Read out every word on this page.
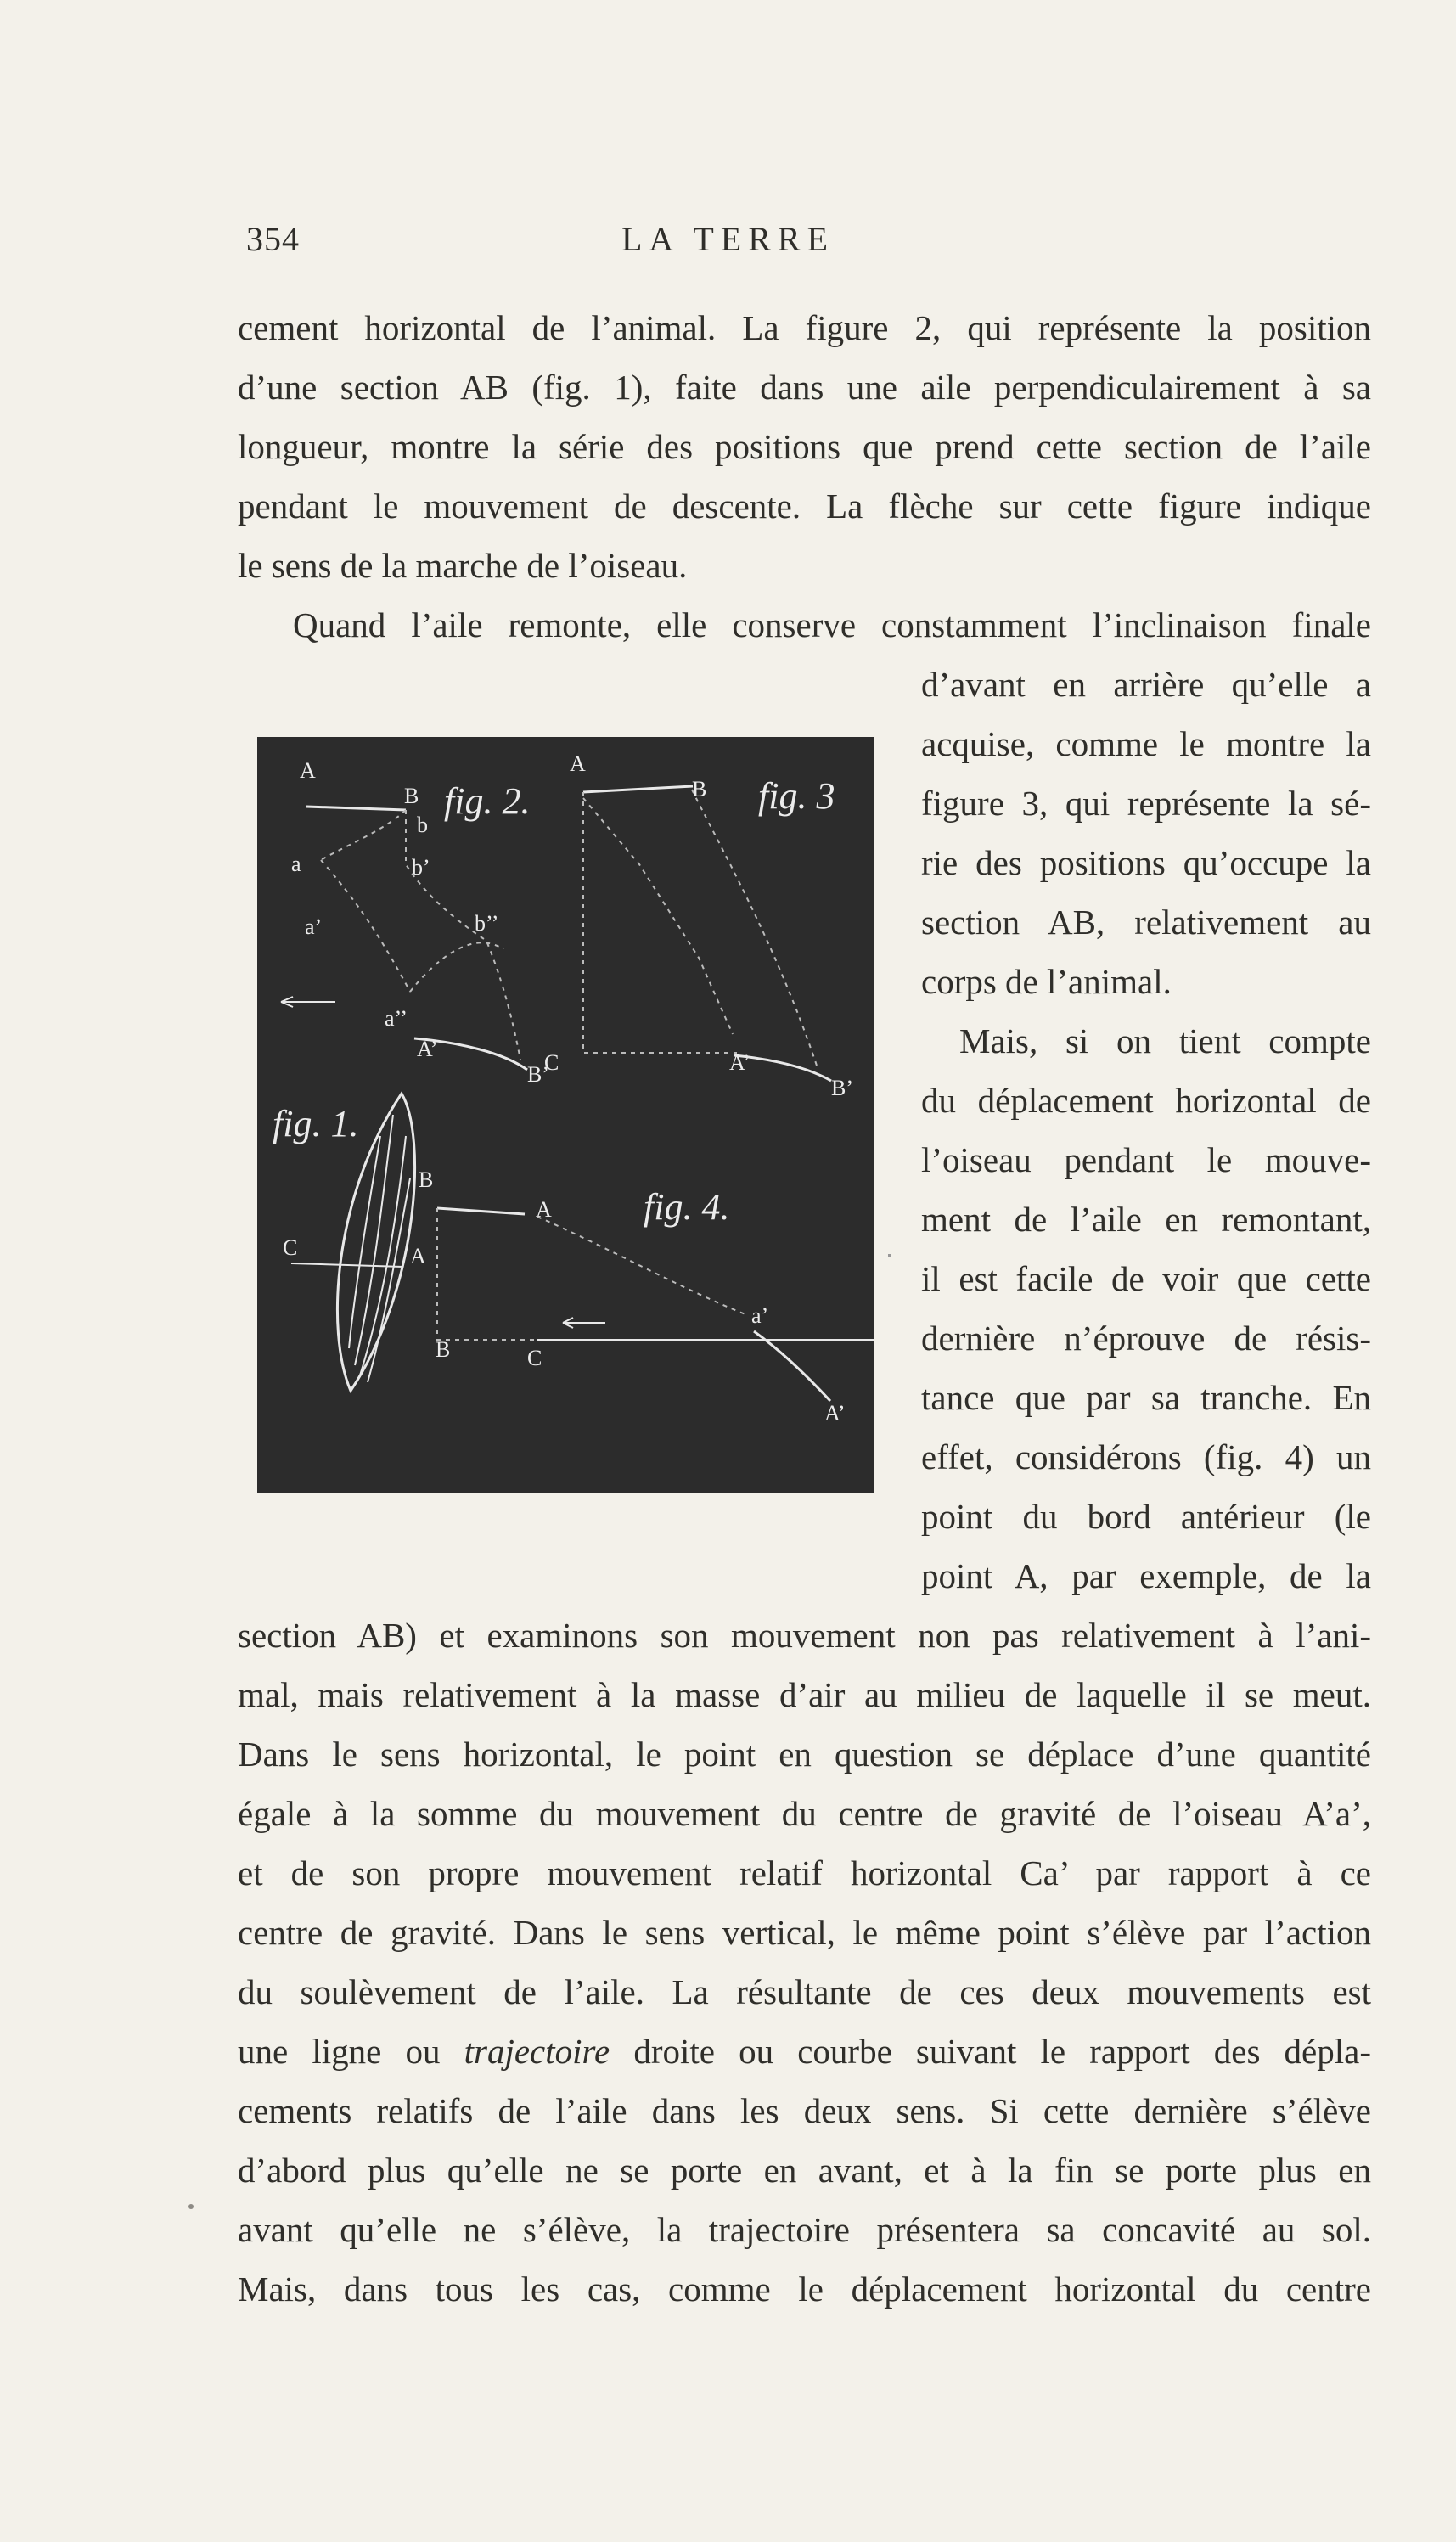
354	LA TERRE
cement horizontal de l’animal. La figure 2, qui représente la position
d’une section AB (fig. 1), faite dans une aile perpendiculairement à sa
longueur, montre la série des positions que prend cette section de l’aile
pendant le mouvement de descente. La flèche sur cette figure indique
le sens de la marche de l’oiseau.
Quand l’aile remonte, elle conserve constamment l’inclinaison finale
d’avant en arrière qu’elle a
acquise, comme le montre la
figure 3, qui représente la sé-
rie des positions qu’occupe la
section AB, relativement au
corps de l’animal.
Mais, si on tient compte
du déplacement horizontal de
l’oiseau pendant le mouve-
ment de l’aile en remontant,
il est facile de voir que cette
dernière n’éprouve de résis-
tance que par sa tranche. En
effet, considérons (fig. 4) un
point du bord antérieur (le
point A, par exemple, de la
section AB) et examinons son mouvement non pas relativement à l’ani-
mal, mais relativement à la masse d’air au milieu de laquelle il se meut.
Dans le sens horizontal, le point en question se déplace d’une quantité
égale à la somme du mouvement du centre de gravité de l’oiseau A’a’,
et de son propre mouvement relatif horizontal Ca’ par rapport à ce
centre de gravité. Dans le sens vertical, le même point s’élève par l’action
du soulèvement de l’aile. La résultante de ces deux mouvements est
une ligne ou trajectoire droite ou courbe suivant le rapport des dépla-
cements relatifs de l’aile dans les deux sens. Si cette dernière s’élève
d’abord plus qu’elle ne se porte en avant, et à la fin se porte plus en
avant qu’elle ne s’élève, la trajectoire présentera sa concavité au sol.
Mais, dans tous les cas, comme le déplacement horizontal du centre
fig. 2.
A
B
b
b’
b’’
a
a’
a’’
A’
B’
fig. 3
A
B
C	A’
B’
fig. 1.
C	A
fig. 4.
B
A
B	C
a’
A’
